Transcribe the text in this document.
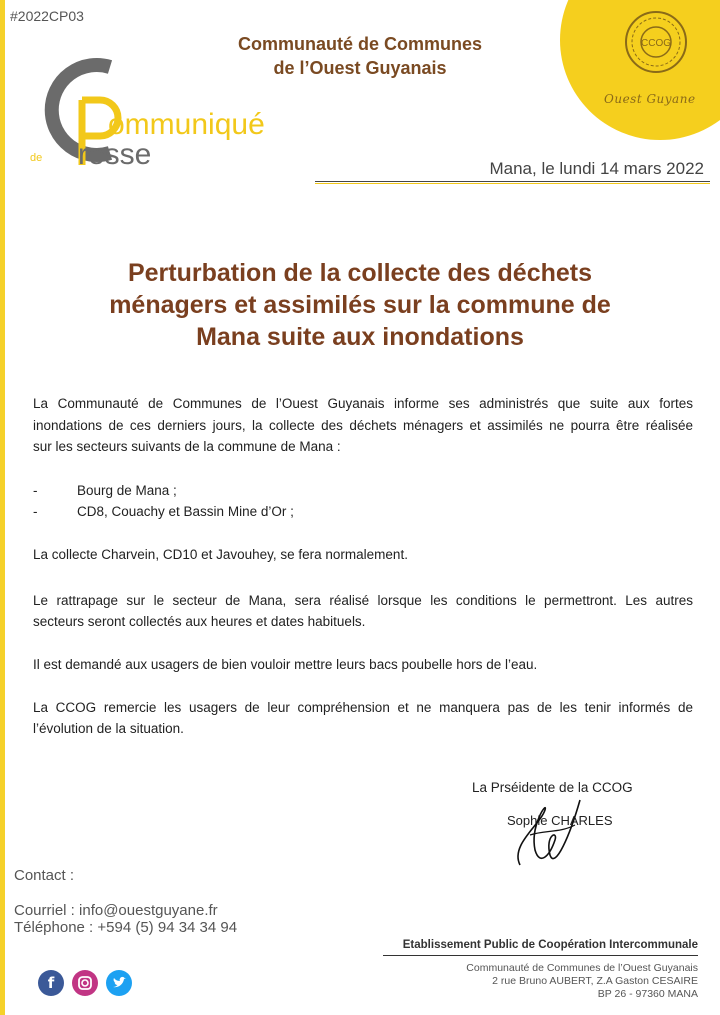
#2022CP03
CCOG
Ouest Guyane
Communauté de Communes
de l’Ouest Guyanais
ommuniqué
resse
de
Mana, le lundi 14 mars 2022
Perturbation de la collecte des déchets
ménagers et assimilés sur la commune de
Mana suite aux inondations
La Communauté de Communes de l’Ouest Guyanais informe ses administrés que suite aux fortes
inondations de ces derniers jours, la collecte des déchets ménagers et assimilés ne pourra être réalisée
sur les secteurs suivants de la commune de Mana :
-	Bourg de Mana ;
-	CD8, Couachy et Bassin Mine d’Or ;
La collecte Charvein, CD10 et Javouhey, se fera normalement.
Le rattrapage sur le secteur de Mana, sera réalisé lorsque les conditions le permettront. Les autres
secteurs seront collectés aux heures et dates habituels.
Il est demandé aux usagers de bien vouloir mettre leurs bacs poubelle hors de l’eau.
La CCOG remercie les usagers de leur compréhension et ne manquera pas de les tenir informés de
l’évolution de la situation.
La Prséidente de la CCOG
Sophie CHARLES
Contact :
Courriel : info@ouestguyane.fr
Téléphone : +594 (5) 94 34 34 94
Etablissement Public de Coopération Intercommunale
Communauté de Communes de l’Ouest Guyanais
2 rue Bruno AUBERT, Z.A Gaston CESAIRE
BP 26 - 97360 MANA
f
